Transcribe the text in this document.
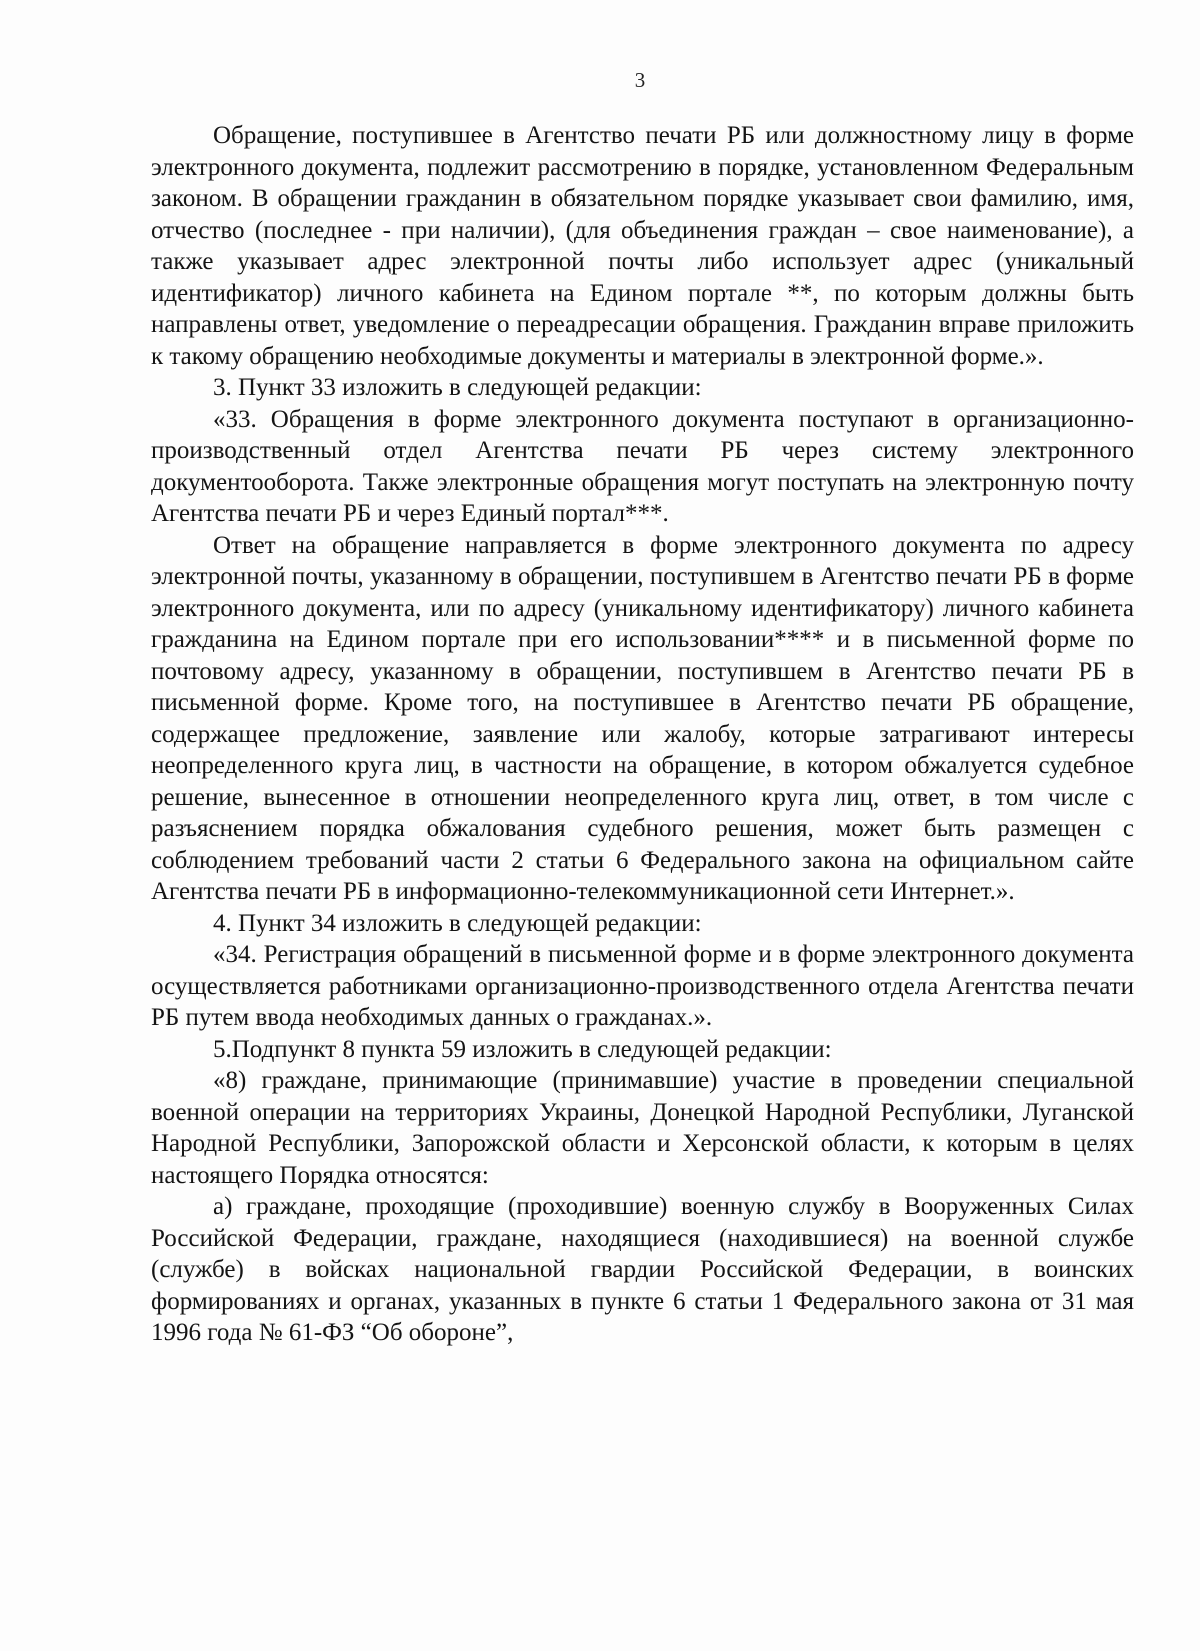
3

Обращение, поступившее в Агентство печати РБ или должностному лицу в форме электронного документа, подлежит рассмотрению в порядке, установленном Федеральным законом. В обращении гражданин в обязательном порядке указывает свои фамилию, имя, отчество (последнее - при наличии), (для объединения граждан – свое наименование), а также указывает адрес электронной почты либо использует адрес (уникальный идентификатор) личного кабинета на Едином портале **, по которым должны быть направлены ответ, уведомление о переадресации обращения. Гражданин вправе приложить к такому обращению необходимые документы и материалы в электронной форме.».

3. Пункт 33 изложить в следующей редакции:

«33. Обращения в форме электронного документа поступают в организационно-производственный отдел Агентства печати РБ через систему электронного документооборота. Также электронные обращения могут поступать на электронную почту Агентства печати РБ и через Единый портал***.

Ответ на обращение направляется в форме электронного документа по адресу электронной почты, указанному в обращении, поступившем в Агентство печати РБ в форме электронного документа, или по адресу (уникальному идентификатору) личного кабинета гражданина на Едином портале при его использовании**** и в письменной форме по почтовому адресу, указанному в обращении, поступившем в Агентство печати РБ в письменной форме. Кроме того, на поступившее в Агентство печати РБ обращение, содержащее предложение, заявление или жалобу, которые затрагивают интересы неопределенного круга лиц, в частности на обращение, в котором обжалуется судебное решение, вынесенное в отношении неопределенного круга лиц, ответ, в том числе с разъяснением порядка обжалования судебного решения, может быть размещен с соблюдением требований части 2 статьи 6 Федерального закона на официальном сайте Агентства печати РБ в информационно-телекоммуникационной сети Интернет.».

4. Пункт 34 изложить в следующей редакции:

«34. Регистрация обращений в письменной форме и в форме электронного документа осуществляется работниками организационно-производственного отдела Агентства печати РБ путем ввода необходимых данных о гражданах.».

5.Подпункт 8 пункта 59 изложить в следующей редакции:

«8) граждане, принимающие (принимавшие) участие в проведении специальной военной операции на территориях Украины, Донецкой Народной Республики, Луганской Народной Республики, Запорожской области и Херсонской области, к которым в целях настоящего Порядка относятся:

а) граждане, проходящие (проходившие) военную службу в Вооруженных Силах Российской Федерации, граждане, находящиеся (находившиеся) на военной службе (службе) в войсках национальной гвардии Российской Федерации, в воинских формированиях и органах, указанных в пункте 6 статьи 1 Федерального закона от 31 мая 1996 года № 61-ФЗ “Об обороне”,
